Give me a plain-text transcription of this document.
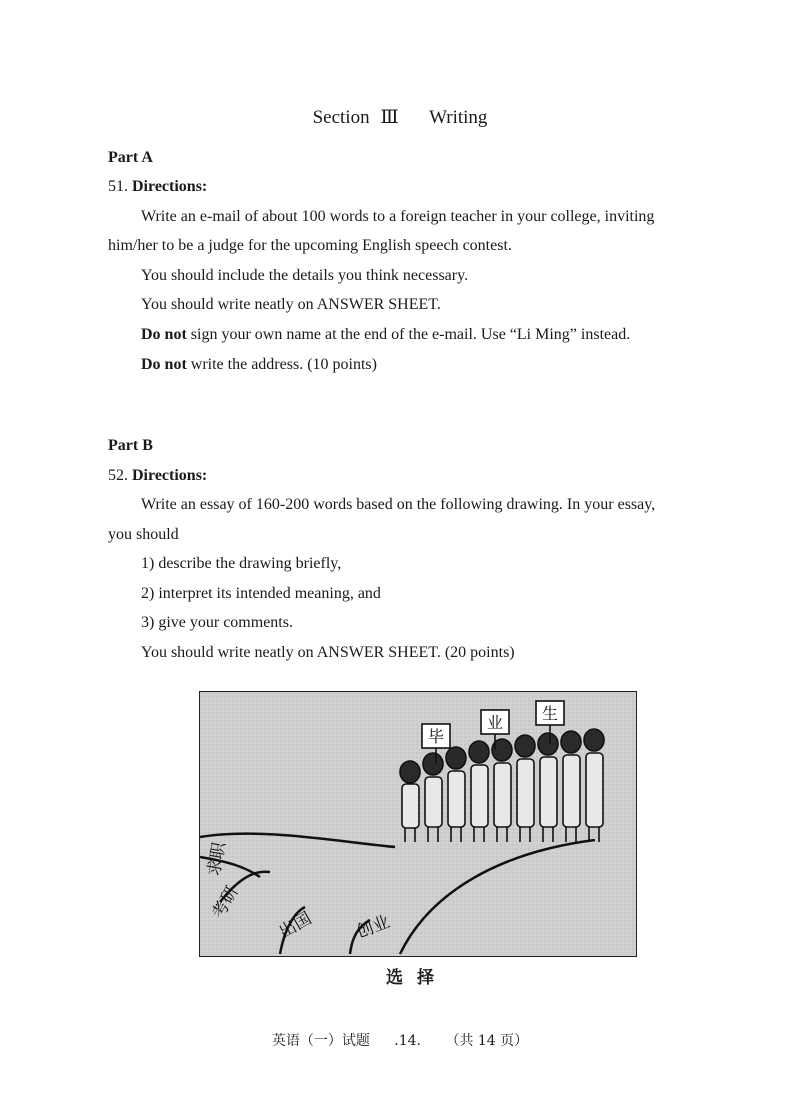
Section Ⅲ Writing
Part A
51. Directions:
Write an e-mail of about 100 words to a foreign teacher in your college, inviting
him/her to be a judge for the upcoming English speech contest.
You should include the details you think necessary.
You should write neatly on ANSWER SHEET.
Do not sign your own name at the end of the e-mail. Use “Li Ming” instead.
Do not write the address. (10 points)
Part B
52. Directions:
Write an essay of 160-200 words based on the following drawing. In your essay,
you should
1) describe the drawing briefly,
2) interpret its intended meaning, and
3) give your comments.
You should write neatly on ANSWER SHEET. (20 points)
毕
业 生
求职
考研
出国 创业
选择
英语（一）试题 .14. （共 14 页）
